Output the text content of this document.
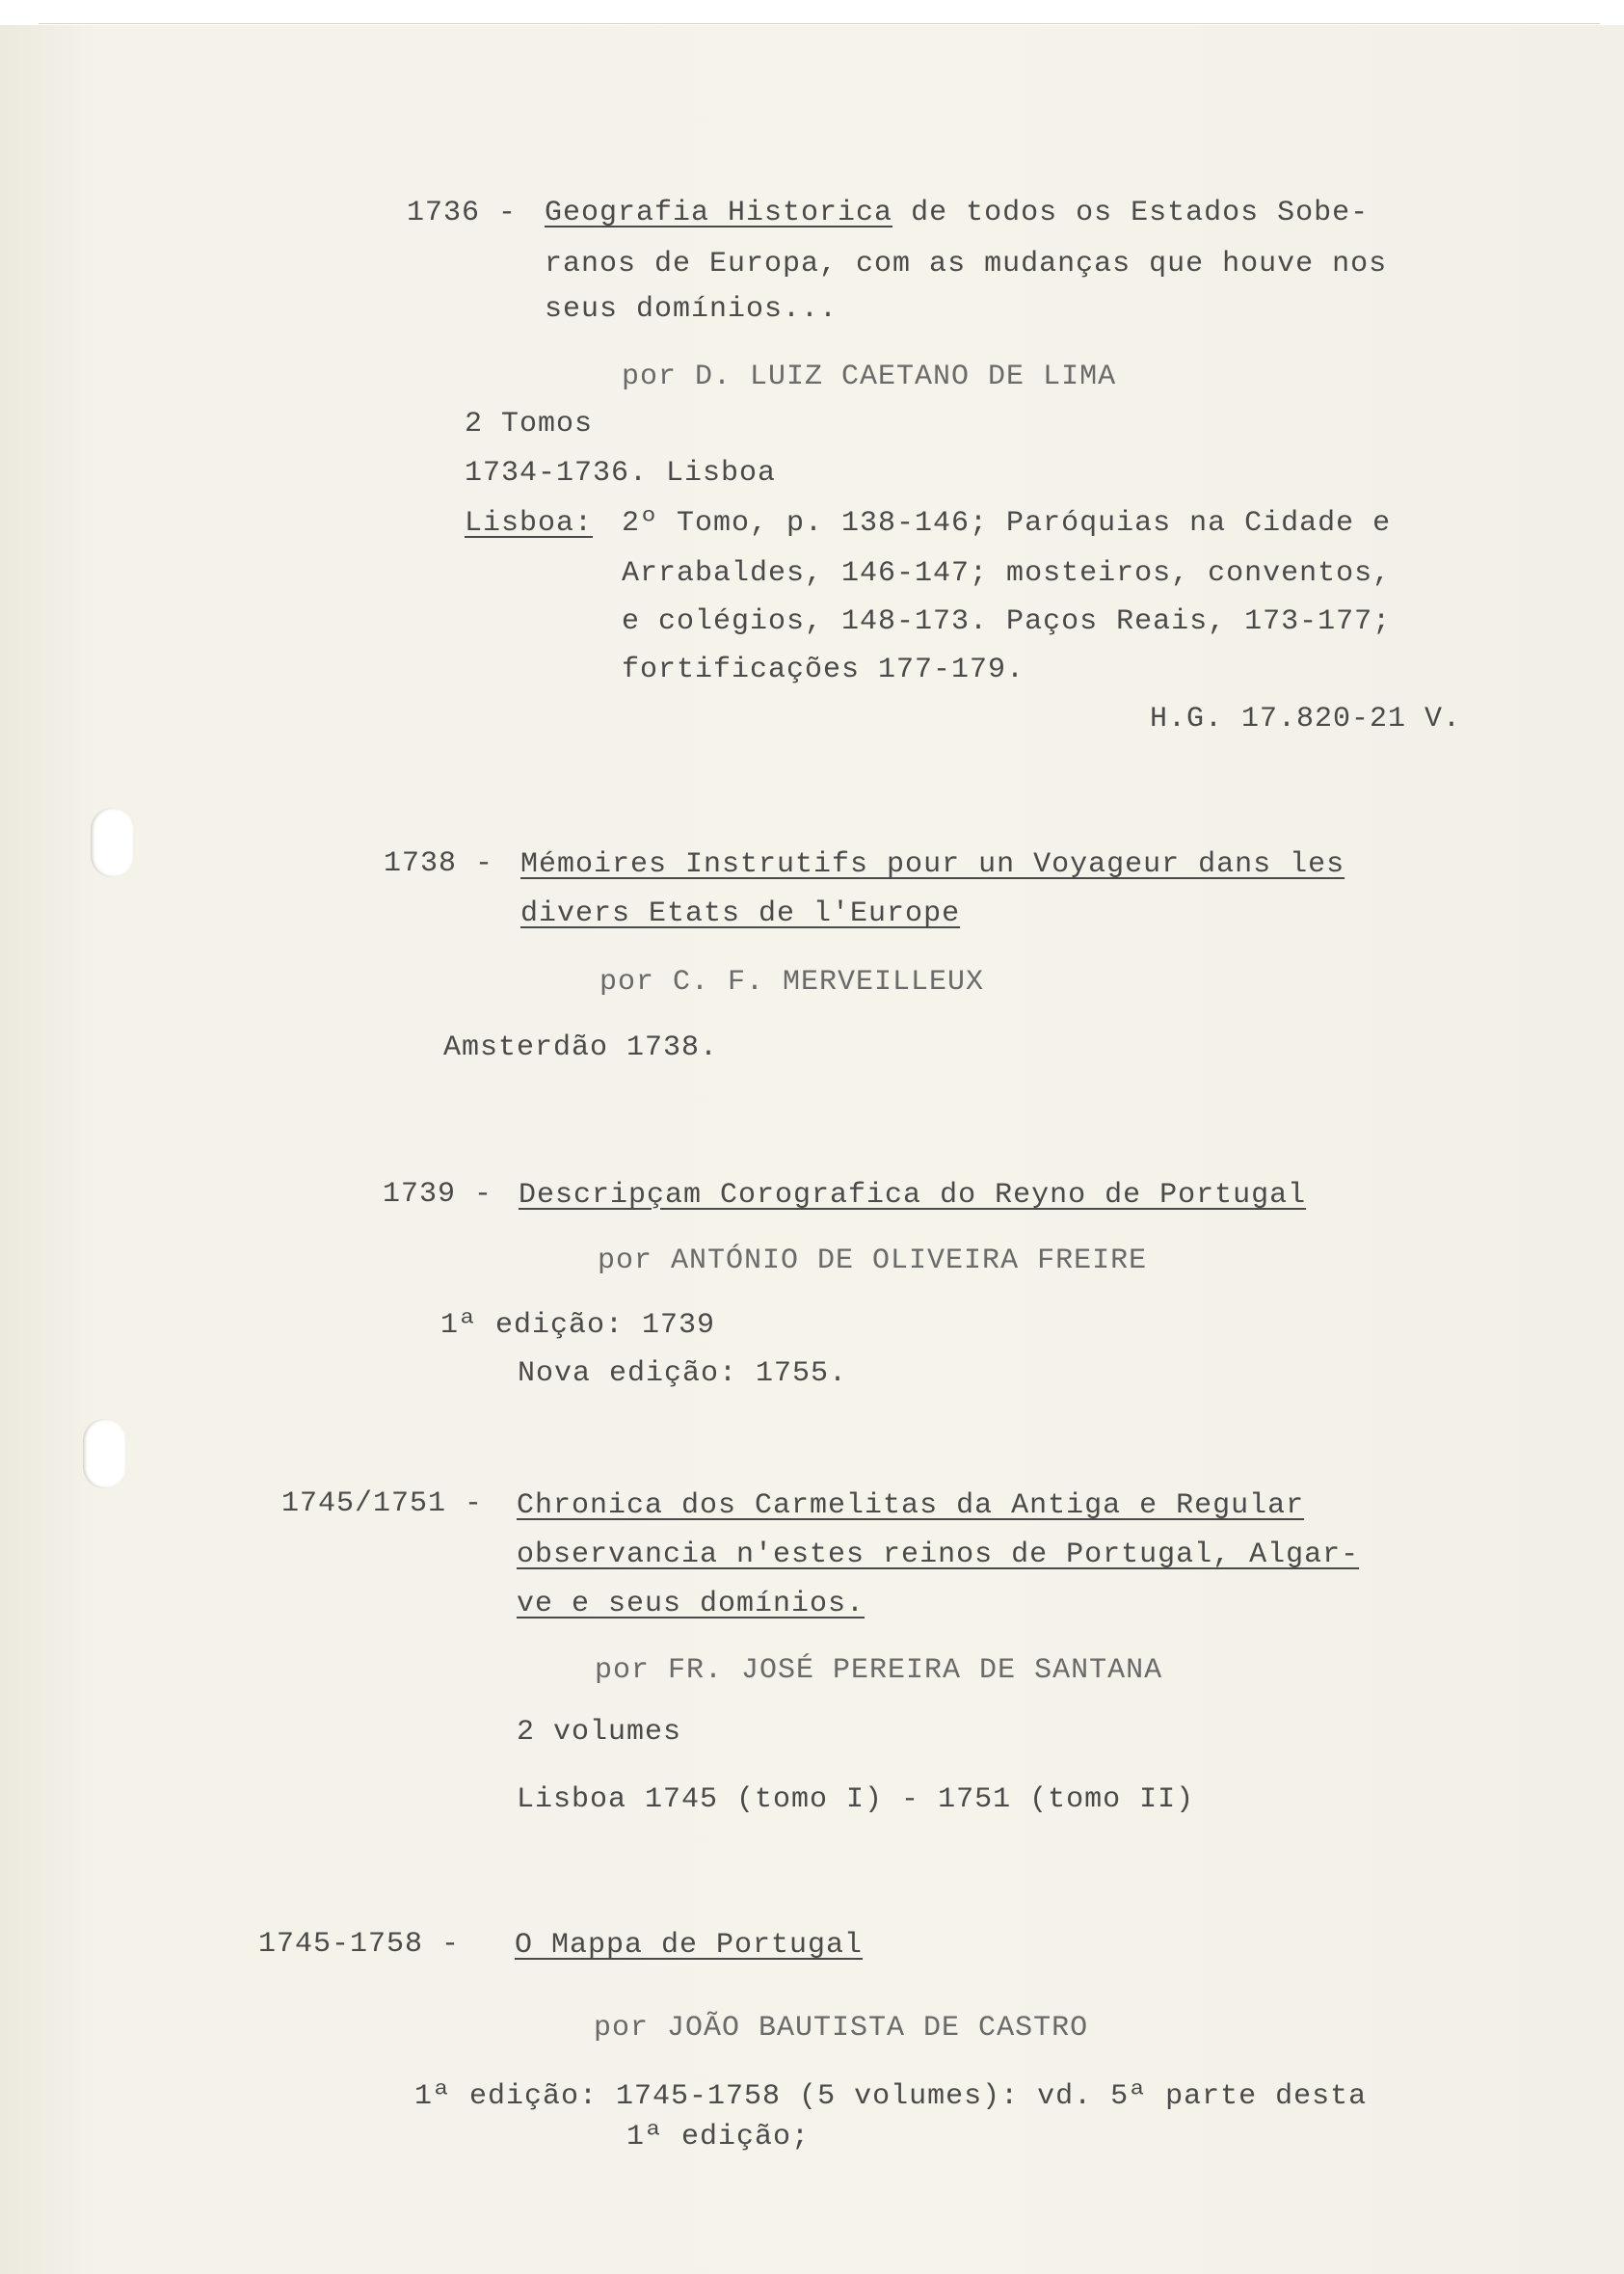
1736 - Geografia Historica de todos os Estados Sobe-
ranos de Europa, com as mudanças que houve nos
seus domínios...
por D. LUIZ CAETANO DE LIMA
2 Tomos
1734-1736. Lisboa
Lisboa: 2º Tomo, p. 138-146; Paróquias na Cidade e
Arrabaldes, 146-147; mosteiros, conventos,
e colégios, 148-173. Paços Reais, 173-177;
fortificações 177-179.
H.G. 17.820-21 V.
1738 - Mémoires Instrutifs pour un Voyageur dans les
divers Etats de l'Europe
por C. F. MERVEILLEUX
Amsterdão 1738.
1739 - Descripçam Corografica do Reyno de Portugal
por ANTÓNIO DE OLIVEIRA FREIRE
1ª edição: 1739
Nova edição: 1755.
1745/1751 - Chronica dos Carmelitas da Antiga e Regular
observancia n'estes reinos de Portugal, Algar-
ve e seus domínios.
por FR. JOSÉ PEREIRA DE SANTANA
2 volumes
Lisboa 1745 (tomo I) - 1751 (tomo II)
1745-1758 - O Mappa de Portugal
por JOÃO BAUTISTA DE CASTRO
1ª edição: 1745-1758 (5 volumes): vd. 5ª parte desta
1ª edição;
